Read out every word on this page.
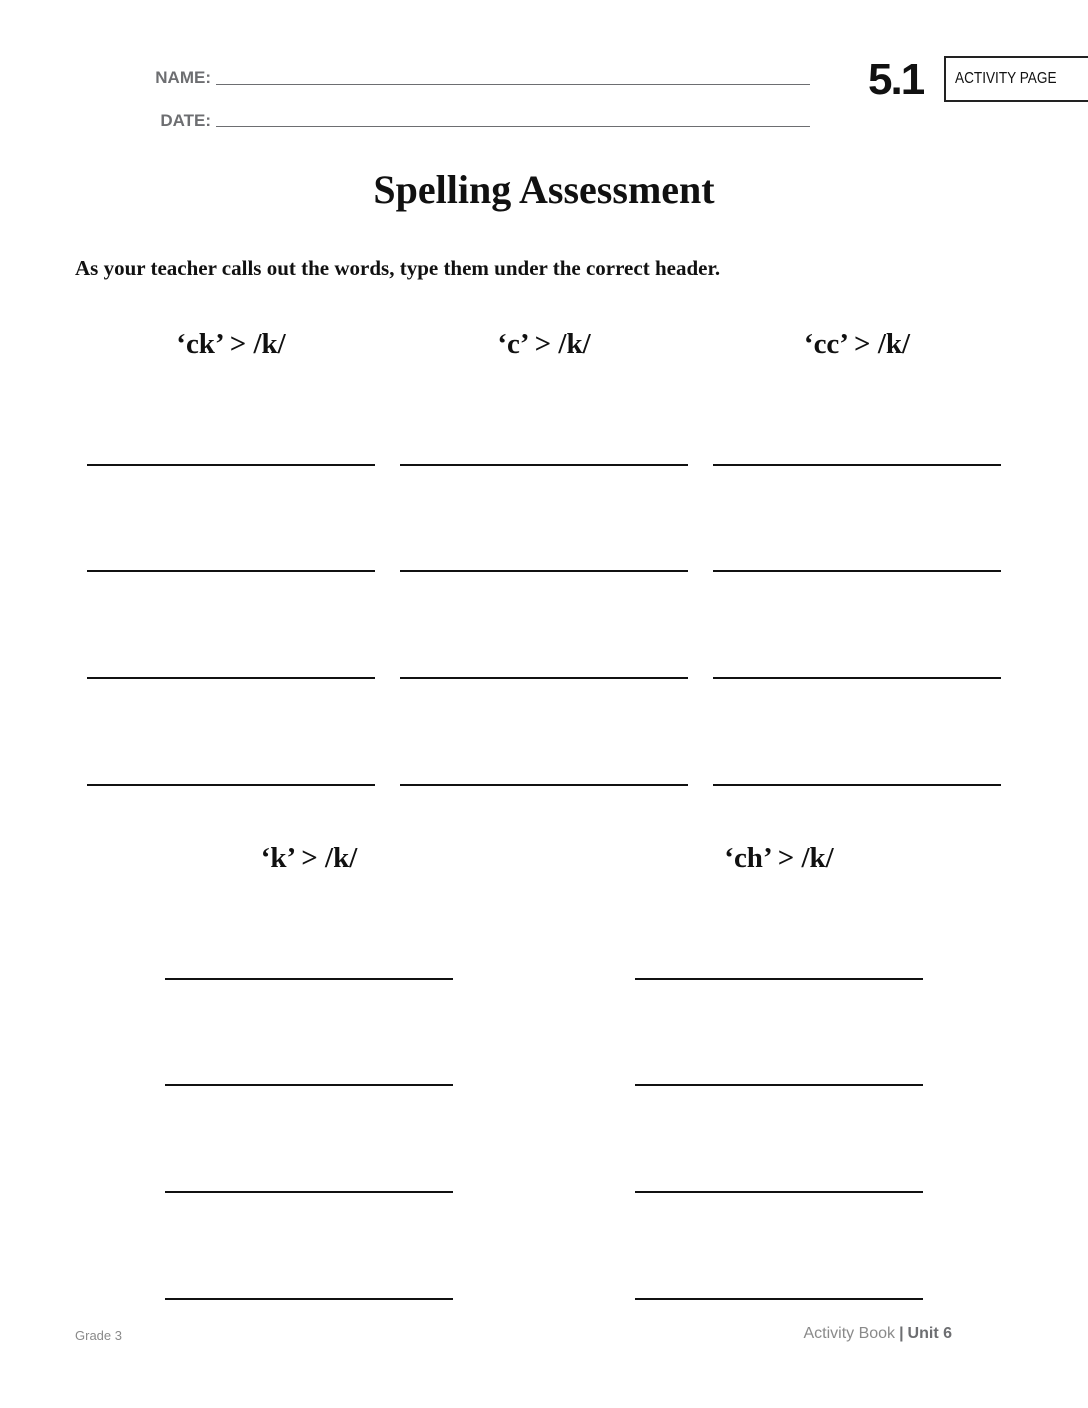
NAME:
DATE:
5.1 ACTIVITY PAGE
Spelling Assessment
As your teacher calls out the words, type them under the correct header.
‘ck’ > /k/	‘c’ > /k/	‘cc’ > /k/
‘k’ > /k/	‘ch’ > /k/
Grade 3	Activity Book | Unit 6
